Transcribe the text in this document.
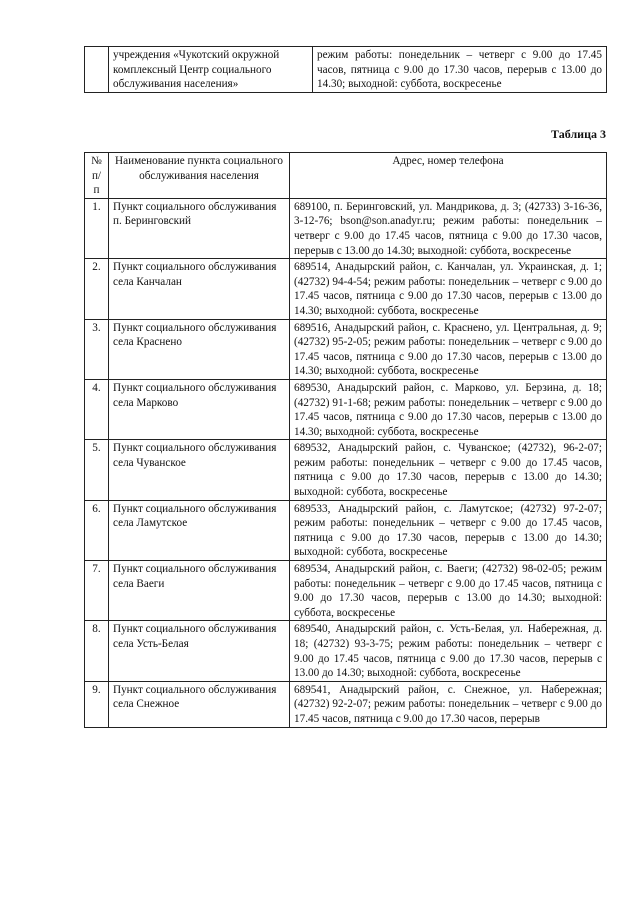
	учреждения «Чукотский окружной комплексный Центр социального обслуживания населения»	режим работы: понедельник – четверг с 9.00 до 17.45 часов, пятница с 9.00 до 17.30 часов, перерыв с 13.00 до 14.30; выходной: суббота, воскресенье
Таблица 3
№ п/п	Наименование пункта социального обслуживания населения	Адрес, номер телефона
1.	Пункт социального обслуживания п. Беринговский	689100, п. Беринговский, ул. Мандрикова, д. 3; (42733) 3-16-36, 3-12-76; bson@son.anadyr.ru; режим работы: понедельник – четверг с 9.00 до 17.45 часов, пятница с 9.00 до 17.30 часов, перерыв с 13.00 до 14.30; выходной: суббота, воскресенье
2.	Пункт социального обслуживания села Канчалан	689514, Анадырский район, с. Канчалан, ул. Украинская, д. 1; (42732) 94-4-54; режим работы: понедельник – четверг с 9.00 до 17.45 часов, пятница с 9.00 до 17.30 часов, перерыв с 13.00 до 14.30; выходной: суббота, воскресенье
3.	Пункт социального обслуживания села Краснено	689516, Анадырский район, с. Краснено, ул. Центральная, д. 9; (42732) 95-2-05; режим работы: понедельник – четверг с 9.00 до 17.45 часов, пятница с 9.00 до 17.30 часов, перерыв с 13.00 до 14.30; выходной: суббота, воскресенье
4.	Пункт социального обслуживания села Марково	689530, Анадырский район, с. Марково, ул. Берзина, д. 18; (42732) 91-1-68; режим работы: понедельник – четверг с 9.00 до 17.45 часов, пятница с 9.00 до 17.30 часов, перерыв с 13.00 до 14.30; выходной: суббота, воскресенье
5.	Пункт социального обслуживания села Чуванское	689532, Анадырский район, с. Чуванское; (42732), 96-2-07; режим работы: понедельник – четверг с 9.00 до 17.45 часов, пятница с 9.00 до 17.30 часов, перерыв с 13.00 до 14.30; выходной: суббота, воскресенье
6.	Пункт социального обслуживания села Ламутское	689533, Анадырский район, с. Ламутское; (42732) 97-2-07; режим работы: понедельник – четверг с 9.00 до 17.45 часов, пятница с 9.00 до 17.30 часов, перерыв с 13.00 до 14.30; выходной: суббота, воскресенье
7.	Пункт социального обслуживания села Ваеги	689534, Анадырский район, с. Ваеги; (42732) 98-02-05; режим работы: понедельник – четверг с 9.00 до 17.45 часов, пятница с 9.00 до 17.30 часов, перерыв с 13.00 до 14.30; выходной: суббота, воскресенье
8.	Пункт социального обслуживания села Усть-Белая	689540, Анадырский район, с. Усть-Белая, ул. Набережная, д. 18; (42732) 93-3-75; режим работы: понедельник – четверг с 9.00 до 17.45 часов, пятница с 9.00 до 17.30 часов, перерыв с 13.00 до 14.30; выходной: суббота, воскресенье
9.	Пункт социального обслуживания села Снежное	689541, Анадырский район, с. Снежное, ул. Набережная; (42732) 92-2-07; режим работы: понедельник – четверг с 9.00 до 17.45 часов, пятница с 9.00 до 17.30 часов, перерыв
